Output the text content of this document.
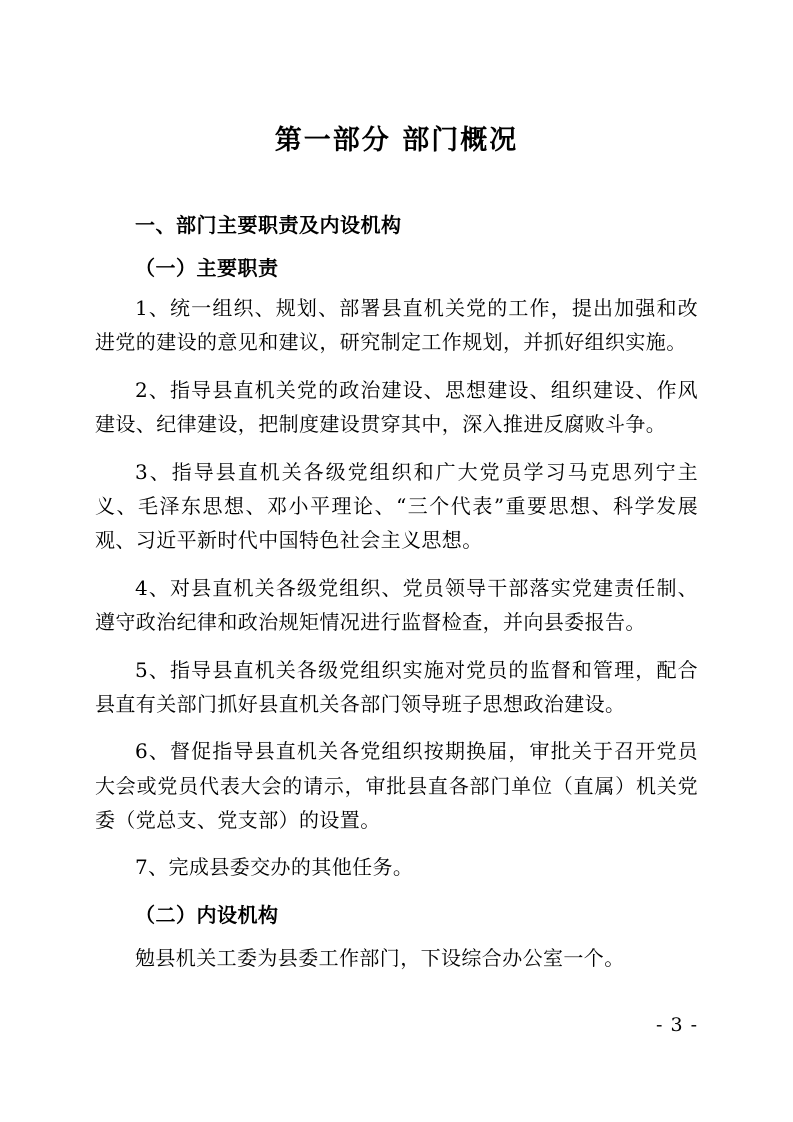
第一部分 部门概况
一、部门主要职责及内设机构
（一）主要职责

1、统一组织、规划、部署县直机关党的工作，提出加强和改进党的建设的意见和建议，研究制定工作规划，并抓好组织实施。

2、指导县直机关党的政治建设、思想建设、组织建设、作风建设、纪律建设，把制度建设贯穿其中，深入推进反腐败斗争。

3、指导县直机关各级党组织和广大党员学习马克思列宁主义、毛泽东思想、邓小平理论、“三个代表”重要思想、科学发展观、习近平新时代中国特色社会主义思想。

4、对县直机关各级党组织、党员领导干部落实党建责任制、遵守政治纪律和政治规矩情况进行监督检查，并向县委报告。

5、指导县直机关各级党组织实施对党员的监督和管理，配合县直有关部门抓好县直机关各部门领导班子思想政治建设。

6、督促指导县直机关各党组织按期换届，审批关于召开党员大会或党员代表大会的请示，审批县直各部门单位（直属）机关党委（党总支、党支部）的设置。

7、完成县委交办的其他任务。

（二）内设机构

勉县机关工委为县委工作部门，下设综合办公室一个。

- 3 -
